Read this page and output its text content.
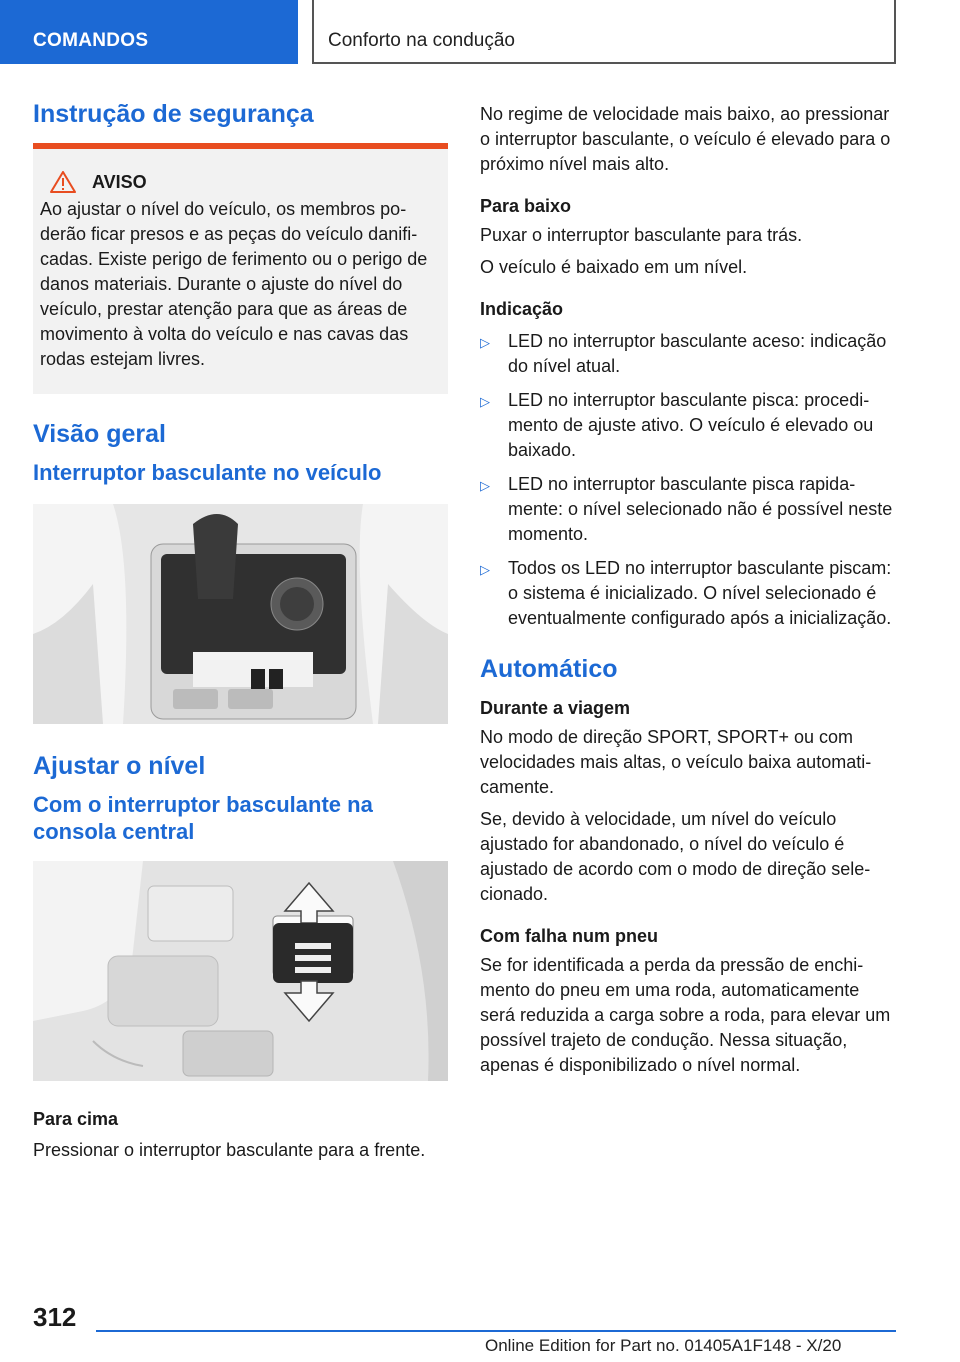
COMANDOS	Conforto na condução
Instrução de segurança
AVISO

Ao ajustar o nível do veículo, os membros poderão ficar presos e as peças do veículo danificadas. Existe perigo de ferimento ou o perigo de danos materiais. Durante o ajuste do nível do veículo, prestar atenção para que as áreas de movimento à volta do veículo e nas cavas das rodas estejam livres.

Visão geral
Interruptor basculante no veículo
Ajustar o nível
Com o interruptor basculante na consola central
Para cima

Pressionar o interruptor basculante para a frente.

No regime de velocidade mais baixo, ao pressionar o interruptor basculante, o veículo é elevado para o próximo nível mais alto.

Para baixo

Puxar o interruptor basculante para trás.

O veículo é baixado em um nível.

Indicação
▷	LED no interruptor basculante aceso: indicação do nível atual.
▷	LED no interruptor basculante pisca: procedimento de ajuste ativo. O veículo é elevado ou baixado.
▷	LED no interruptor basculante pisca rapidamente: o nível selecionado não é possível neste momento.
▷	Todos os LED no interruptor basculante piscam: o sistema é inicializado. O nível selecionado é eventualmente configurado após a inicialização.
Automático
Durante a viagem

No modo de direção SPORT, SPORT+ ou com velocidades mais altas, o veículo baixa automaticamente.

Se, devido à velocidade, um nível do veículo ajustado for abandonado, o nível do veículo é ajustado de acordo com o modo de direção selecionado.

Com falha num pneu

Se for identificada a perda da pressão de enchimento do pneu em uma roda, automaticamente será reduzida a carga sobre a roda, para elevar um possível trajeto de condução. Nessa situação, apenas é disponibilizado o nível normal.

312
Online Edition for Part no. 01405A1F148 - X/20
